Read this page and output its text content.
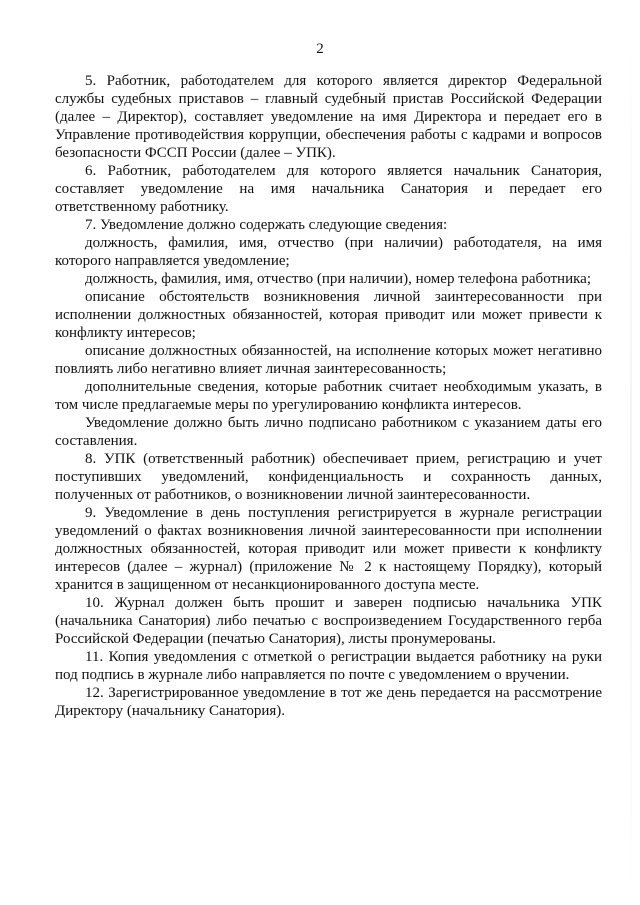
2

5. Работник, работодателем для которого является директор Федеральной службы судебных приставов – главный судебный пристав Российской Федерации (далее – Директор), составляет уведомление на имя Директора и передает его в Управление противодействия коррупции, обеспечения работы с кадрами и вопросов безопасности ФССП России (далее – УПК).

6. Работник, работодателем для которого является начальник Санатория, составляет уведомление на имя начальника Санатория и передает его ответственному работнику.

7. Уведомление должно содержать следующие сведения:

должность, фамилия, имя, отчество (при наличии) работодателя, на имя которого направляется уведомление;

должность, фамилия, имя, отчество (при наличии), номер телефона работника;

описание обстоятельств возникновения личной заинтересованности при исполнении должностных обязанностей, которая приводит или может привести к конфликту интересов;

описание должностных обязанностей, на исполнение которых может негативно повлиять либо негативно влияет личная заинтересованность;

дополнительные сведения, которые работник считает необходимым указать, в том числе предлагаемые меры по урегулированию конфликта интересов.

Уведомление должно быть лично подписано работником с указанием даты его составления.

8. УПК (ответственный работник) обеспечивает прием, регистрацию и учет поступивших уведомлений, конфиденциальность и сохранность данных, полученных от работников, о возникновении личной заинтересованности.

9. Уведомление в день поступления регистрируется в журнале регистрации уведомлений о фактах возникновения личной заинтересованности при исполнении должностных обязанностей, которая приводит или может привести к конфликту интересов (далее – журнал) (приложение № 2 к настоящему Порядку), который хранится в защищенном от несанкционированного доступа месте.

10. Журнал должен быть прошит и заверен подписью начальника УПК (начальника Санатория) либо печатью с воспроизведением Государственного герба Российской Федерации (печатью Санатория), листы пронумерованы.

11. Копия уведомления с отметкой о регистрации выдается работнику на руки под подпись в журнале либо направляется по почте с уведомлением о вручении.

12. Зарегистрированное уведомление в тот же день передается на рассмотрение Директору (начальнику Санатория).
